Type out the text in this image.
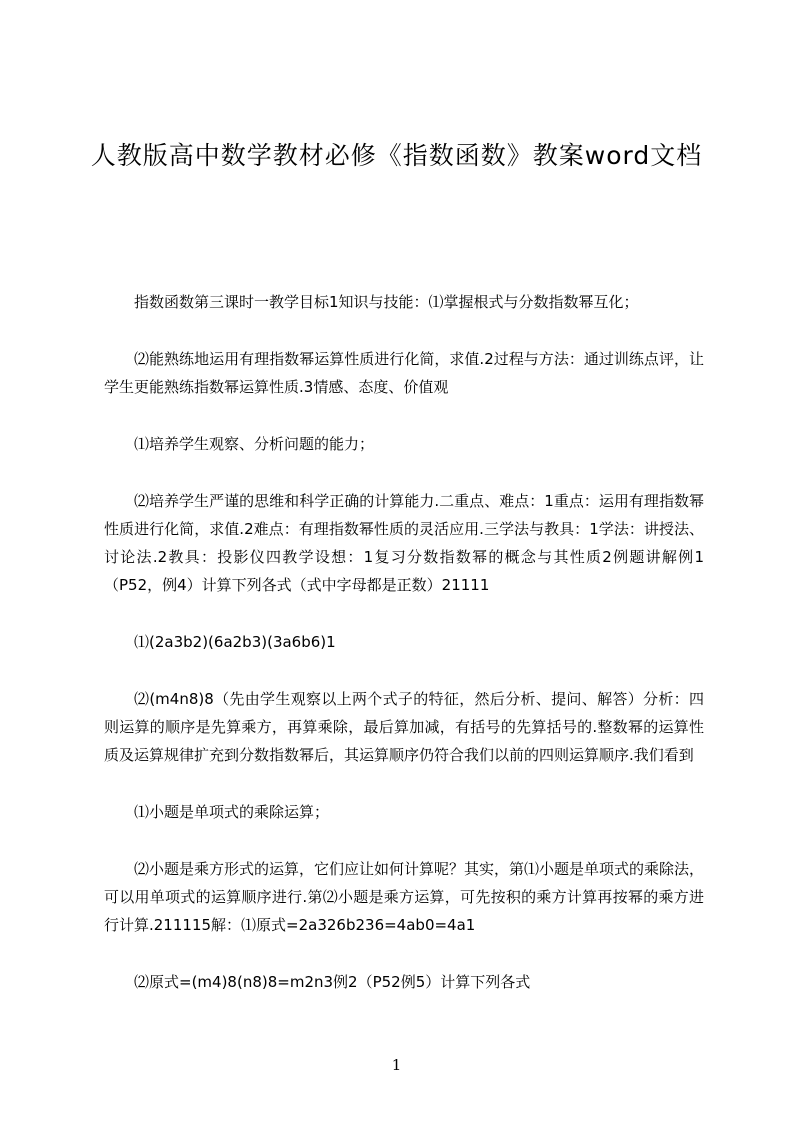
人教版高中数学教材必修《指数函数》教案word文档

指数函数第三课时一教学目标1知识与技能：⑴掌握根式与分数指数幂互化；

⑵能熟练地运用有理指数幂运算性质进行化简，求值.2过程与方法：通过训练点评，让学生更能熟练指数幂运算性质.3情感、态度、价值观

⑴培养学生观察、分析问题的能力；

⑵培养学生严谨的思维和科学正确的计算能力.二重点、难点：1重点：运用有理指数幂性质进行化简，求值.2难点：有理指数幂性质的灵活应用.三学法与教具：1学法：讲授法、讨论法.2教具：投影仪四教学设想：1复习分数指数幂的概念与其性质2例题讲解例1（P52，例4）计算下列各式（式中字母都是正数）21111

⑴(2a3b2)(6a2b3)(3a6b6)1

⑵(m4n8)8（先由学生观察以上两个式子的特征，然后分析、提问、解答）分析：四则运算的顺序是先算乘方，再算乘除，最后算加减，有括号的先算括号的.整数幂的运算性质及运算规律扩充到分数指数幂后，其运算顺序仍符合我们以前的四则运算顺序.我们看到

⑴小题是单项式的乘除运算；

⑵小题是乘方形式的运算，它们应让如何计算呢？其实，第⑴小题是单项式的乘除法，可以用单项式的运算顺序进行.第⑵小题是乘方运算，可先按积的乘方计算再按幂的乘方进行计算.211115解：⑴原式=2a326b236=4ab0=4a1

⑵原式=(m4)8(n8)8=m2n3例2（P52例5）计算下列各式

1
